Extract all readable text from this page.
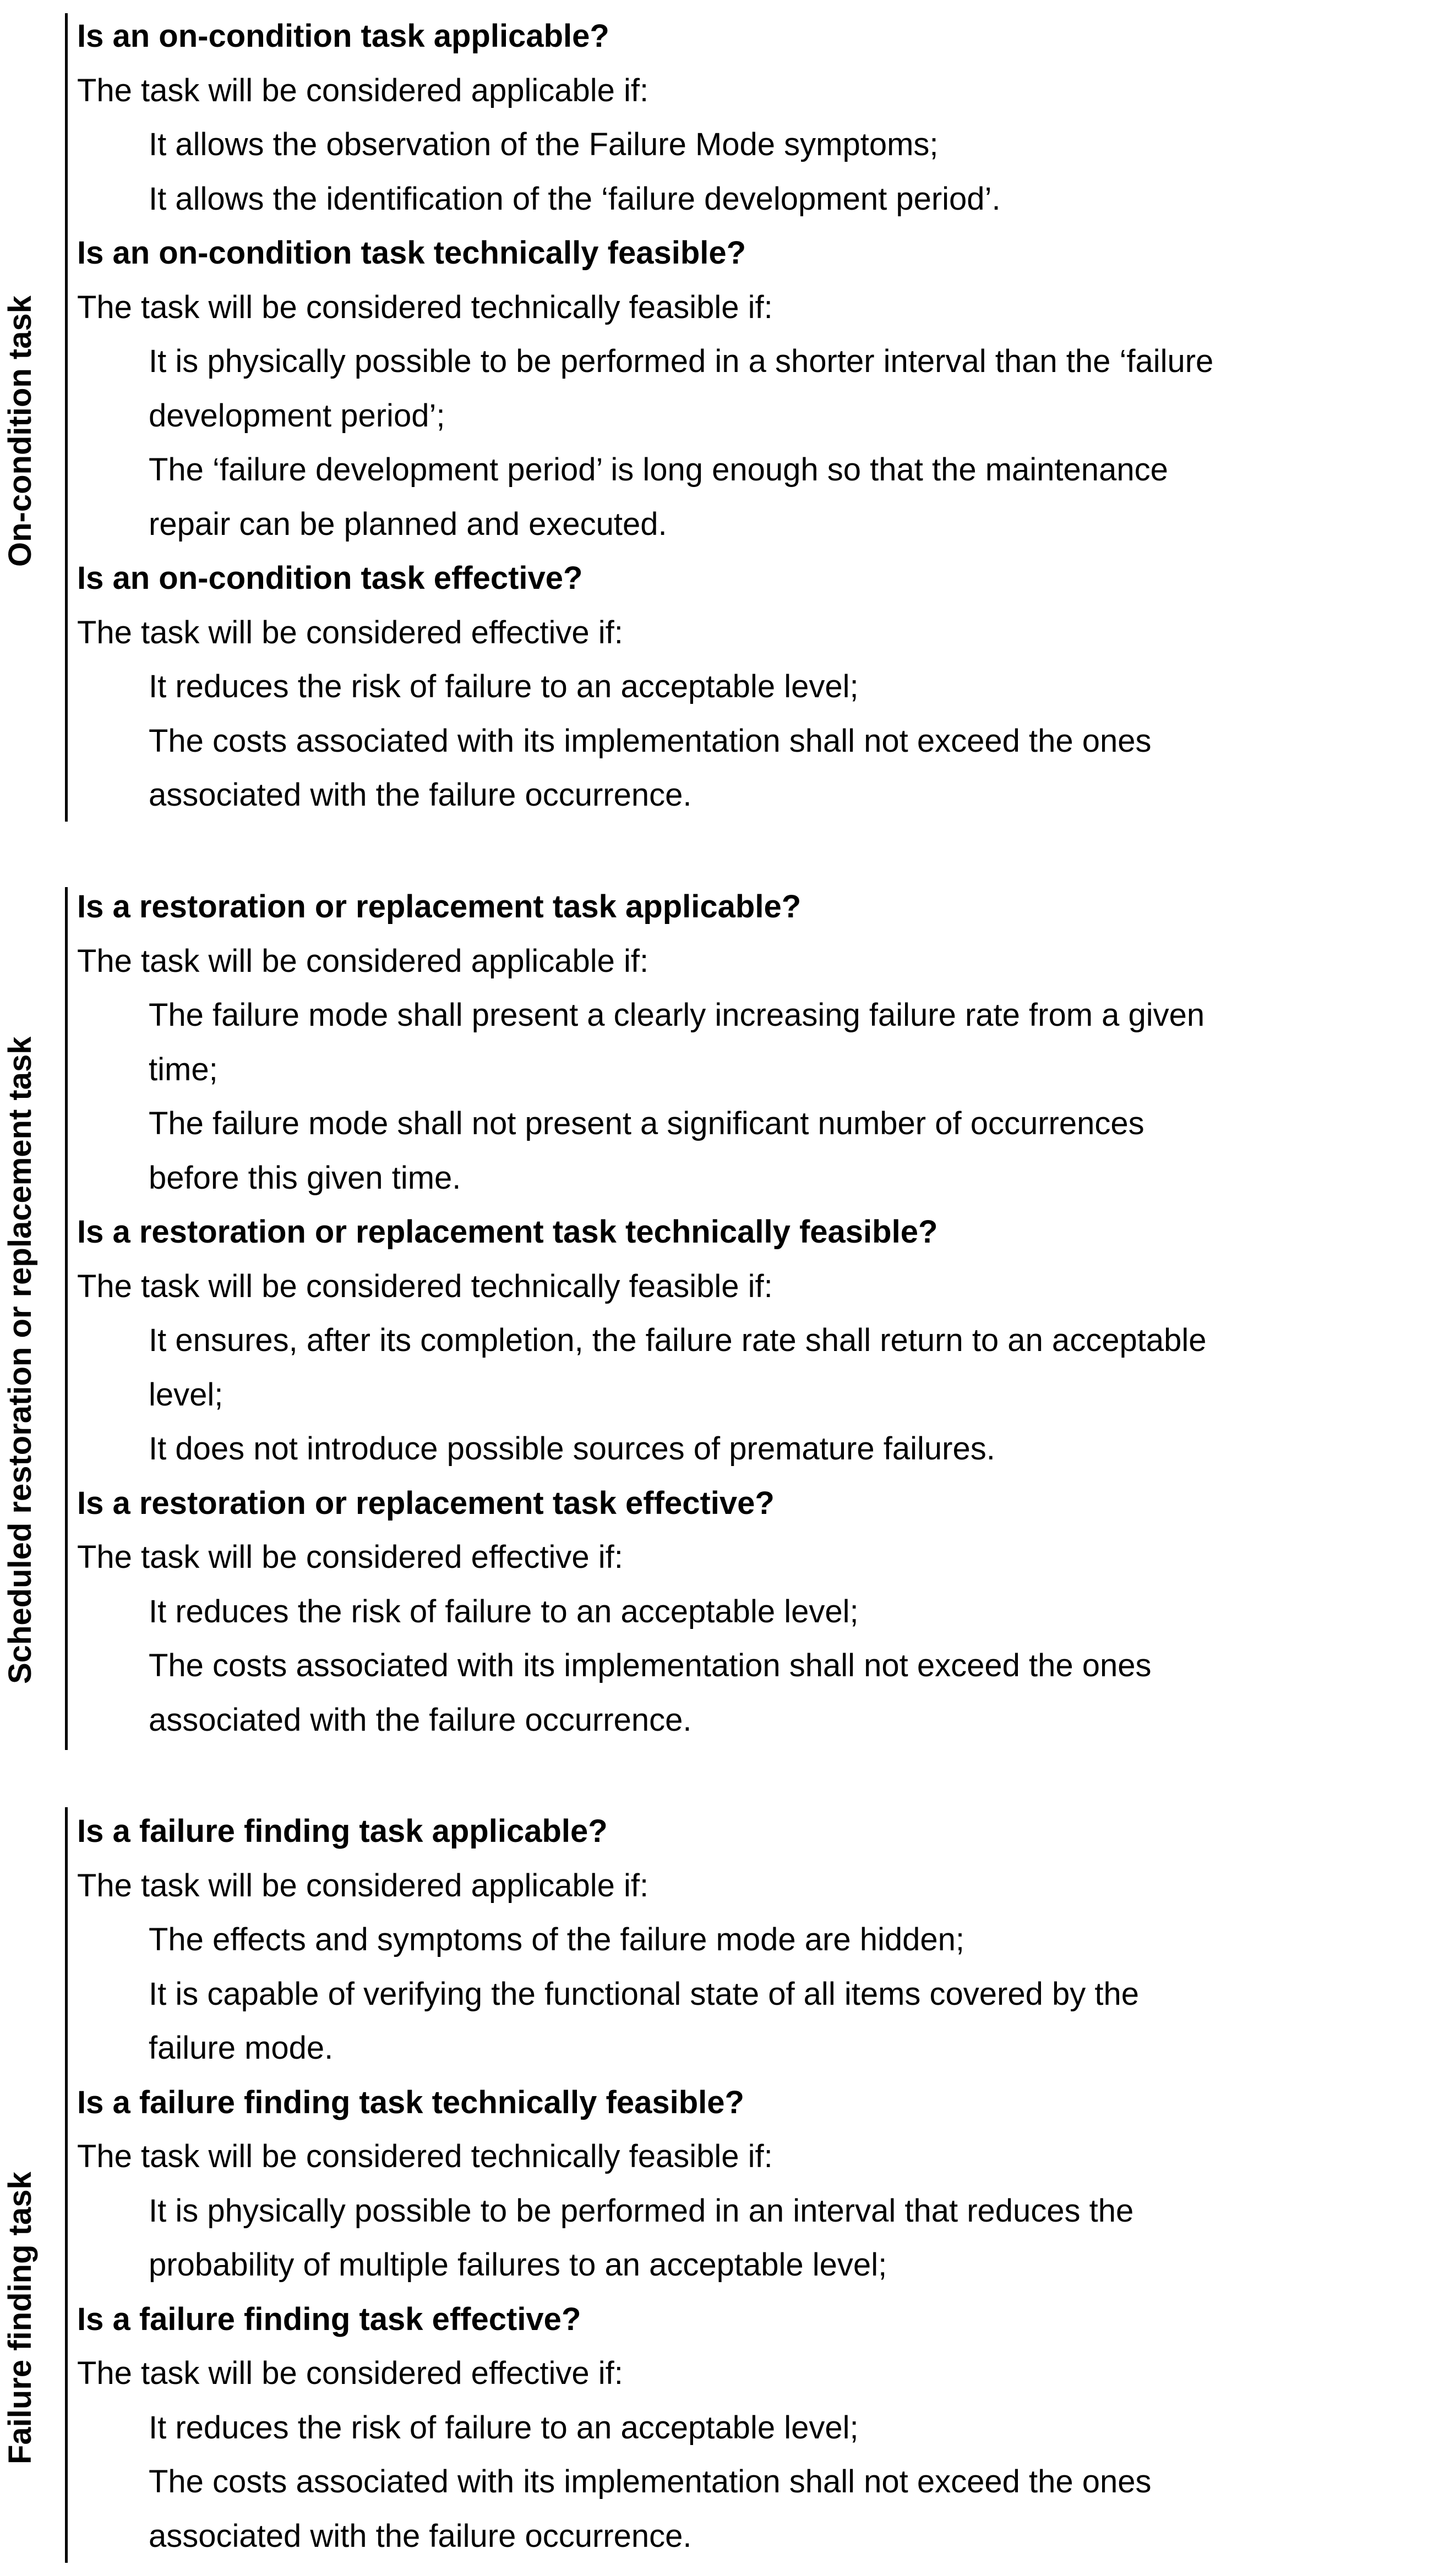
On-condition task
Is an on-condition task applicable?
The task will be considered applicable if:
It allows the observation of the Failure Mode symptoms;
It allows the identification of the ‘failure development period’.
Is an on-condition task technically feasible?
The task will be considered technically feasible if:
It is physically possible to be performed in a shorter interval than the ‘failure
development period’;
The ‘failure development period’ is long enough so that the maintenance
repair can be planned and executed.
Is an on-condition task effective?
The task will be considered effective if:
It reduces the risk of failure to an acceptable level;
The costs associated with its implementation shall not exceed the ones
associated with the failure occurrence.
Scheduled restoration or replacement task
Is a restoration or replacement task applicable?
The task will be considered applicable if:
The failure mode shall present a clearly increasing failure rate from a given
time;
The failure mode shall not present a significant number of occurrences
before this given time.
Is a restoration or replacement task technically feasible?
The task will be considered technically feasible if:
It ensures, after its completion, the failure rate shall return to an acceptable
level;
It does not introduce possible sources of premature failures.
Is a restoration or replacement task effective?
The task will be considered effective if:
It reduces the risk of failure to an acceptable level;
The costs associated with its implementation shall not exceed the ones
associated with the failure occurrence.
Failure finding task
Is a failure finding task applicable?
The task will be considered applicable if:
The effects and symptoms of the failure mode are hidden;
It is capable of verifying the functional state of all items covered by the
failure mode.
Is a failure finding task technically feasible?
The task will be considered technically feasible if:
It is physically possible to be performed in an interval that reduces the
probability of multiple failures to an acceptable level;
Is a failure finding task effective?
The task will be considered effective if:
It reduces the risk of failure to an acceptable level;
The costs associated with its implementation shall not exceed the ones
associated with the failure occurrence.
